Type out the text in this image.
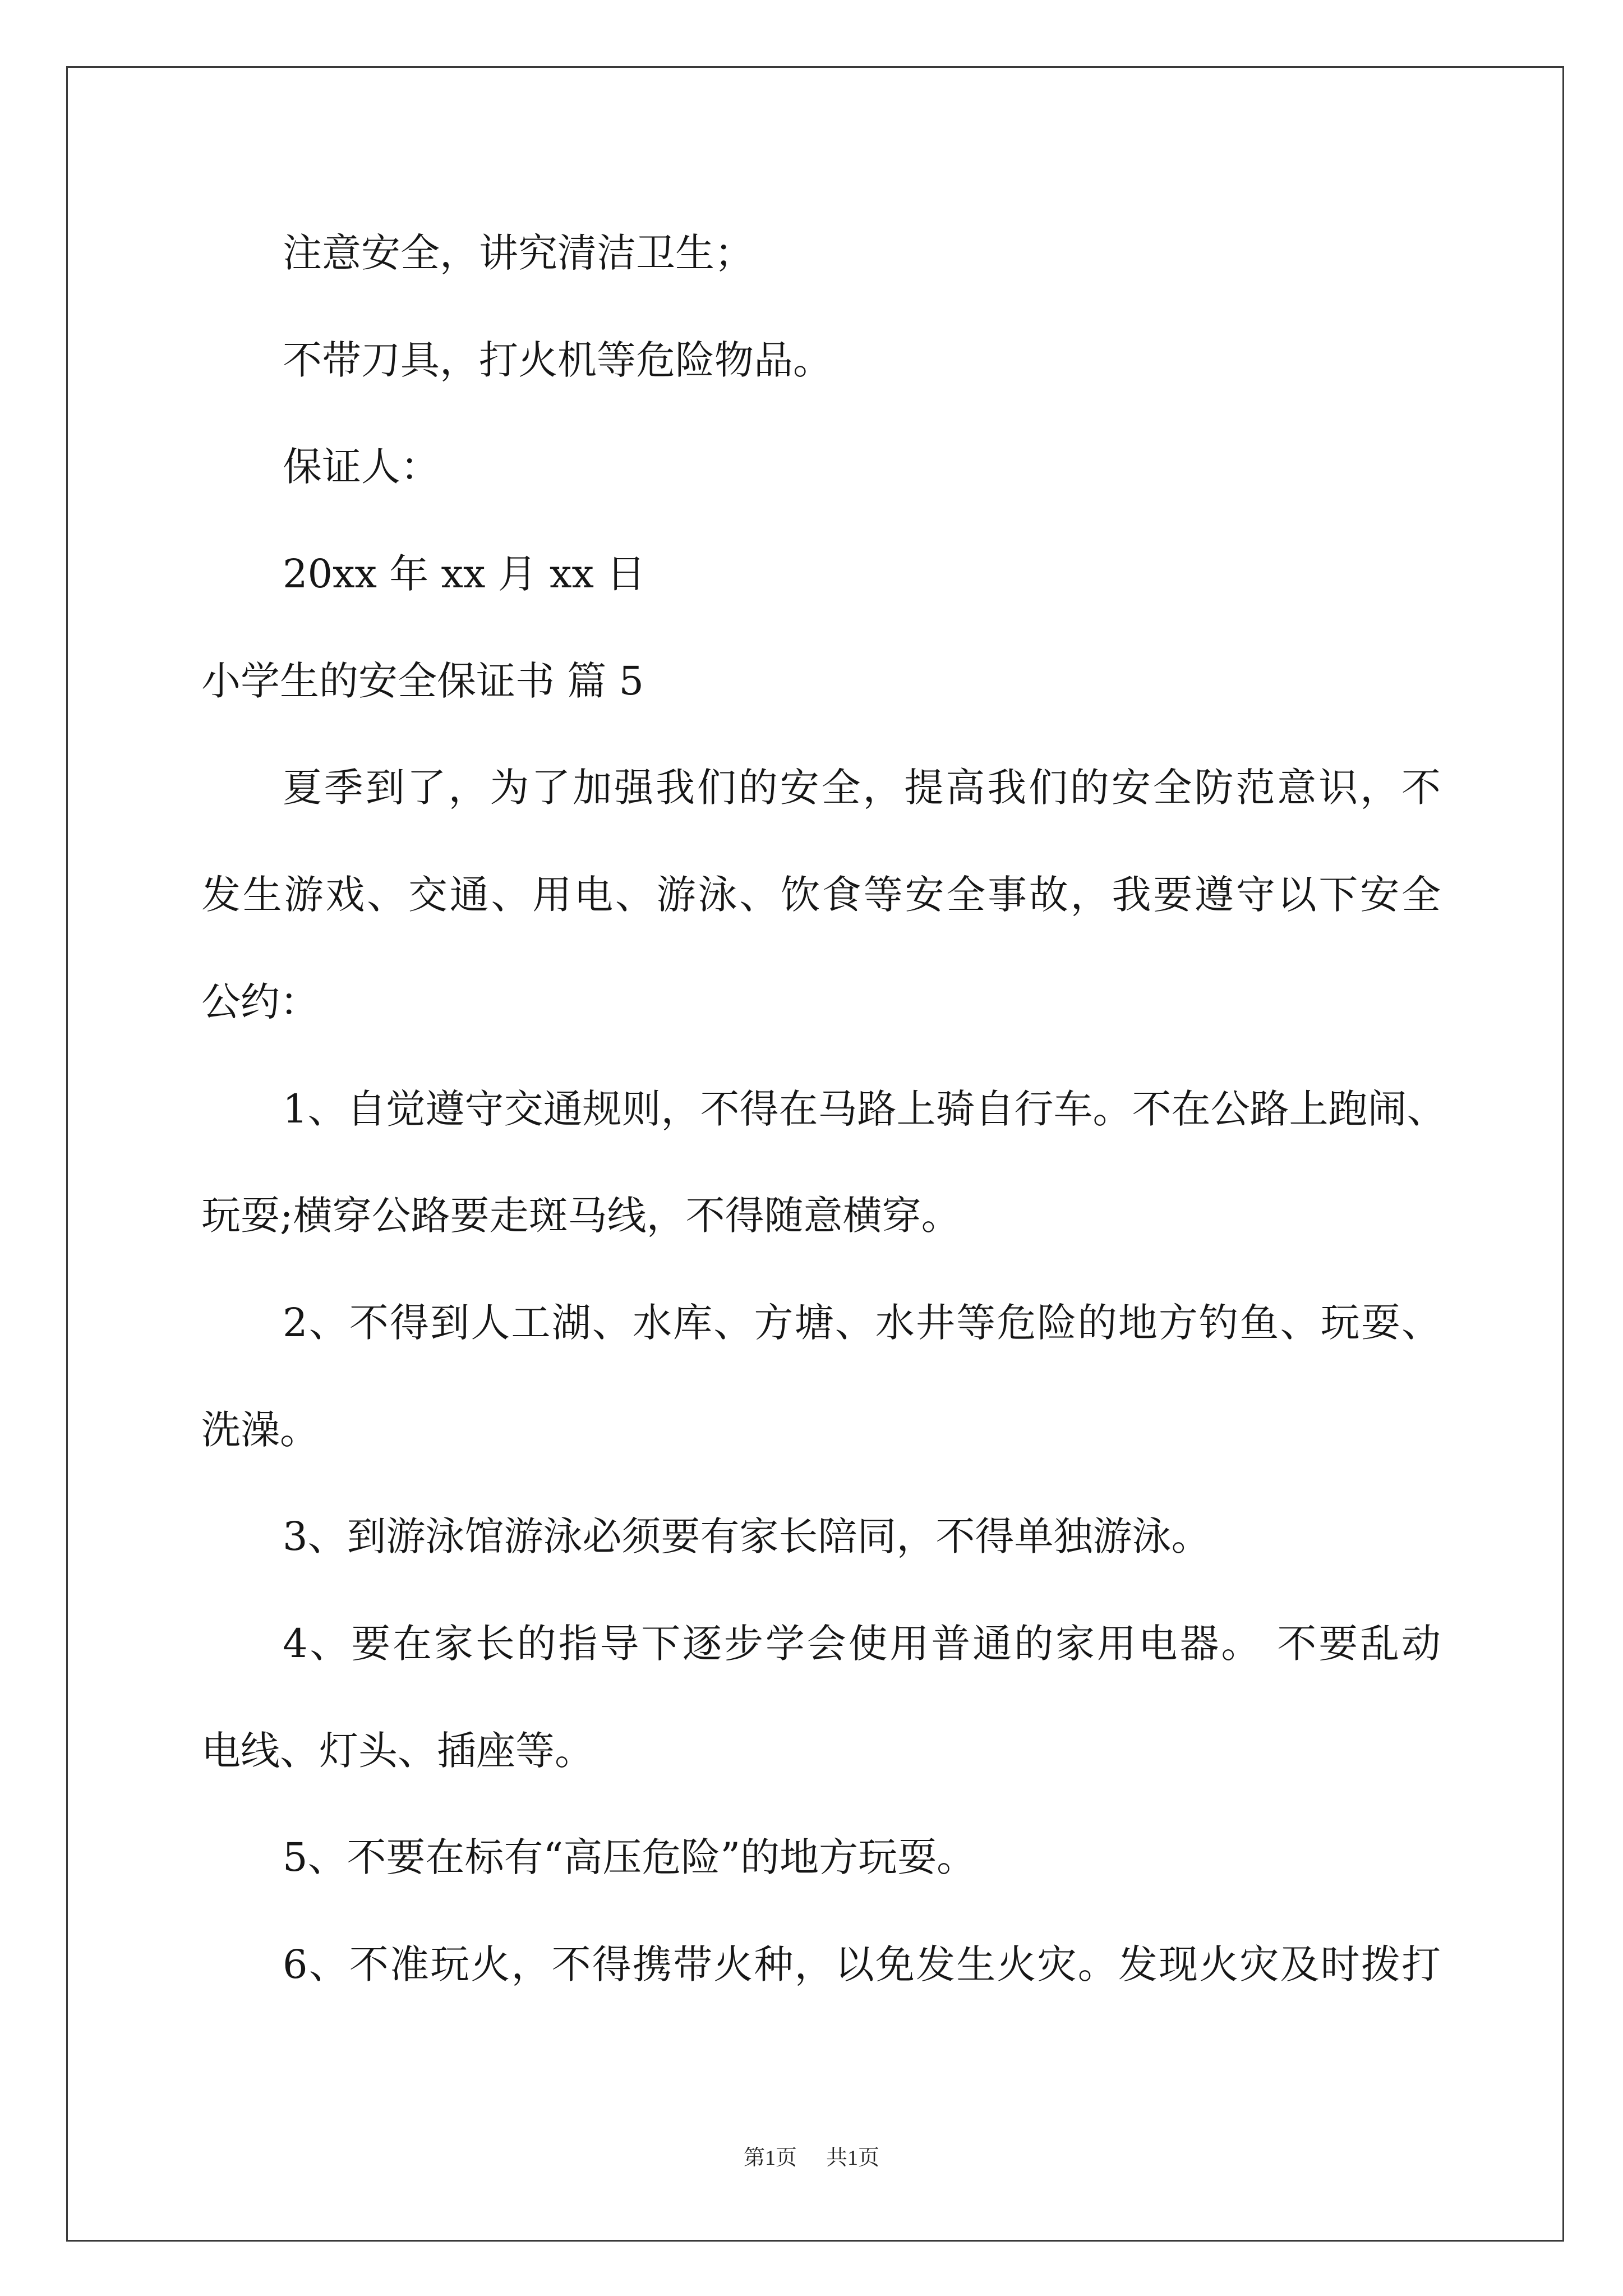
注意安全，讲究清洁卫生；
不带刀具，打火机等危险物品。
保证人：
20xx 年 xx 月 xx 日
小学生的安全保证书 篇 5
夏季到了，为了加强我们的安全，提高我们的安全防范意识，不
发生游戏、交通、用电、游泳、饮食等安全事故，我要遵守以下安全
公约：
1、自觉遵守交通规则，不得在马路上骑自行车。不在公路上跑闹、
玩耍;横穿公路要走斑马线，不得随意横穿。
2、不得到人工湖、水库、方塘、水井等危险的地方钓鱼、玩耍、
洗澡。
3、到游泳馆游泳必须要有家长陪同，不得单独游泳。
4、要在家长的指导下逐步学会使用普通的家用电器。 不要乱动
电线、灯头、插座等。
5、不要在标有“高压危险”的地方玩耍。
6、不准玩火，不得携带火种，以免发生火灾。发现火灾及时拨打
第1页 共1页
